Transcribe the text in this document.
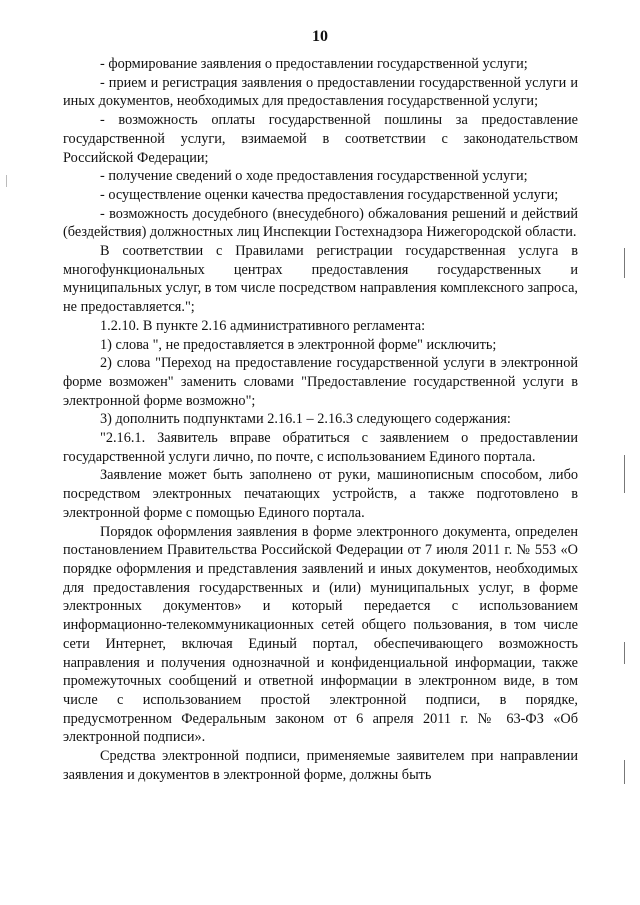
10

- формирование заявления о предоставлении государственной услуги;

- прием и регистрация заявления о предоставлении государственной услуги и иных документов, необходимых для предоставления государственной услуги;

- возможность оплаты государственной пошлины за предоставление государственной услуги, взимаемой в соответствии с законодательством Российской Федерации;

- получение сведений о ходе предоставления государственной услуги;

- осуществление оценки качества предоставления государственной услуги;

- возможность досудебного (внесудебного) обжалования решений и действий (бездействия) должностных лиц Инспекции Гостехнадзора Нижегородской области.

В соответствии с Правилами регистрации государственная услуга в многофункциональных центрах предоставления государственных и муниципальных услуг, в том числе посредством направления комплексного запроса, не предоставляется.";

1.2.10. В пункте 2.16 административного регламента:

1) слова ", не предоставляется в электронной форме" исключить;

2) слова "Переход на предоставление государственной услуги в электронной форме возможен" заменить словами "Предоставление государственной услуги в электронной форме возможно";

3) дополнить подпунктами 2.16.1 – 2.16.3 следующего содержания:

"2.16.1. Заявитель вправе обратиться с заявлением о предоставлении государственной услуги лично, по почте, с использованием Единого портала.

Заявление может быть заполнено от руки, машинописным способом, либо посредством электронных печатающих устройств, а также подготовлено в электронной форме с помощью Единого портала.

Порядок оформления заявления в форме электронного документа, определен постановлением Правительства Российской Федерации от 7 июля 2011 г. № 553 «О порядке оформления и представления заявлений и иных документов, необходимых для предоставления государственных и (или) муниципальных услуг, в форме электронных документов» и который передается с использованием информационно-телекоммуникационных сетей общего пользования, в том числе сети Интернет, включая Единый портал, обеспечивающего возможность направления и получения однозначной и конфиденциальной информации, также промежуточных сообщений и ответной информации в электронном виде, в том числе с использованием простой электронной подписи, в порядке, предусмотренном Федеральным законом от 6 апреля 2011 г. № 63-ФЗ «Об электронной подписи».

Средства электронной подписи, применяемые заявителем при направлении заявления и документов в электронной форме, должны быть
